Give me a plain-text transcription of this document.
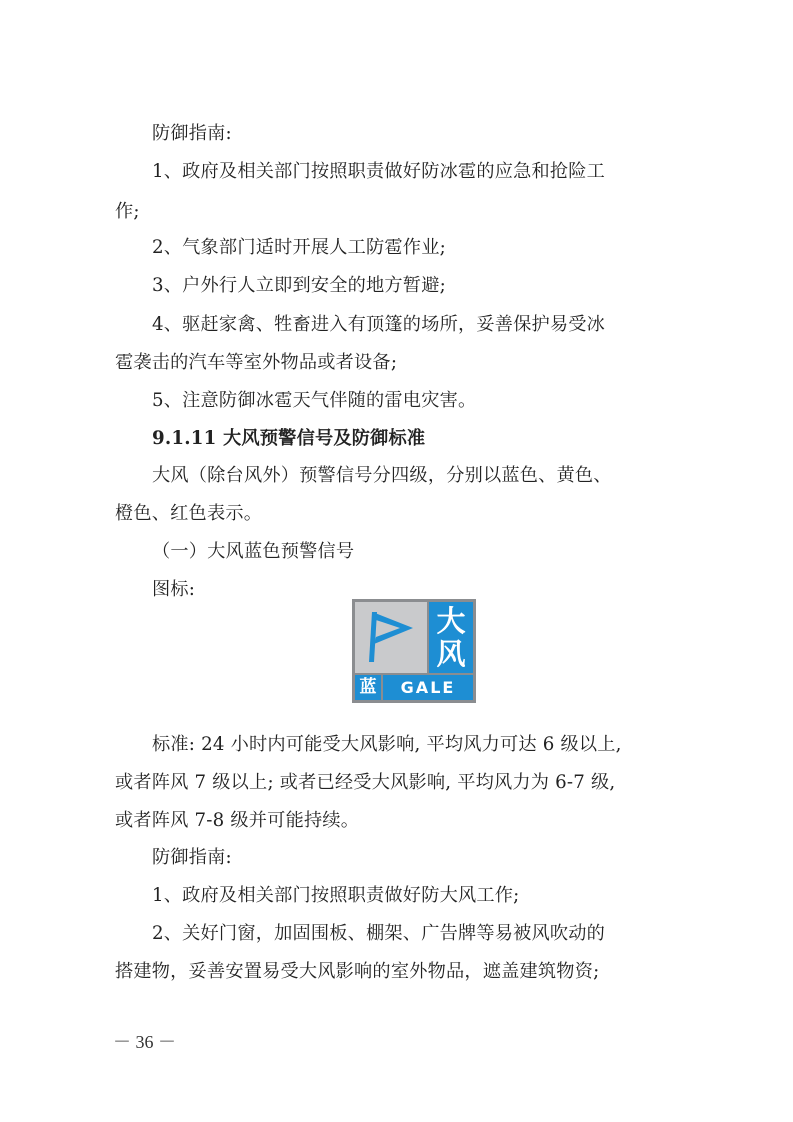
防御指南:
1、政府及相关部门按照职责做好防冰雹的应急和抢险工
作;
2、气象部门适时开展人工防雹作业;
3、户外行人立即到安全的地方暂避;
4、驱赶家禽、牲畜进入有顶篷的场所，妥善保护易受冰
雹袭击的汽车等室外物品或者设备;
5、注意防御冰雹天气伴随的雷电灾害。
9.1.11 大风预警信号及防御标准
大风（除台风外）预警信号分四级，分别以蓝色、黄色、
橙色、红色表示。
（一）大风蓝色预警信号
图标:
大
风
蓝	GALE
标准: 24 小时内可能受大风影响, 平均风力可达 6 级以上,
或者阵风 7 级以上; 或者已经受大风影响, 平均风力为 6-7 级,
或者阵风 7-8 级并可能持续。
防御指南:
1、政府及相关部门按照职责做好防大风工作;
2、关好门窗，加固围板、棚架、广告牌等易被风吹动的
搭建物，妥善安置易受大风影响的室外物品，遮盖建筑物资;
－ 36 －
